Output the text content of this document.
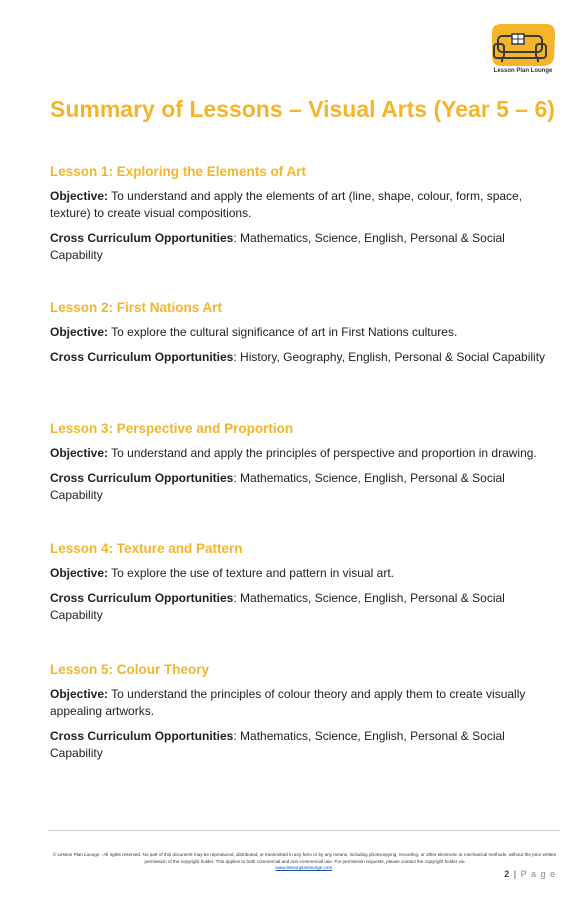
Lesson Plan Lounge
Summary of Lessons – Visual Arts (Year 5 – 6)
Lesson 1: Exploring the Elements of Art

Objective: To understand and apply the elements of art (line, shape, colour, form, space, texture) to create visual compositions.

Cross Curriculum Opportunities: Mathematics, Science, English, Personal & Social Capability

Lesson 2: First Nations Art

Objective: To explore the cultural significance of art in First Nations cultures.

Cross Curriculum Opportunities: History, Geography, English, Personal & Social Capability

Lesson 3: Perspective and Proportion

Objective: To understand and apply the principles of perspective and proportion in drawing.

Cross Curriculum Opportunities: Mathematics, Science, English, Personal & Social Capability

Lesson 4: Texture and Pattern

Objective: To explore the use of texture and pattern in visual art.

Cross Curriculum Opportunities: Mathematics, Science, English, Personal & Social Capability

Lesson 5: Colour Theory

Objective: To understand the principles of colour theory and apply them to create visually appealing artworks.

Cross Curriculum Opportunities: Mathematics, Science, English, Personal & Social Capability

© Lesson Plan Lounge - All rights reserved. No part of this document may be reproduced, distributed, or transmitted in any form or by any means, including photocopying, recording, or other electronic or mechanical methods, without the prior written permission of the copyright holder. This applies to both commercial and non-commercial use. For permission requests, please contact the copyright holder via
www.lessonplanlounge.com.
2 | P a g e
